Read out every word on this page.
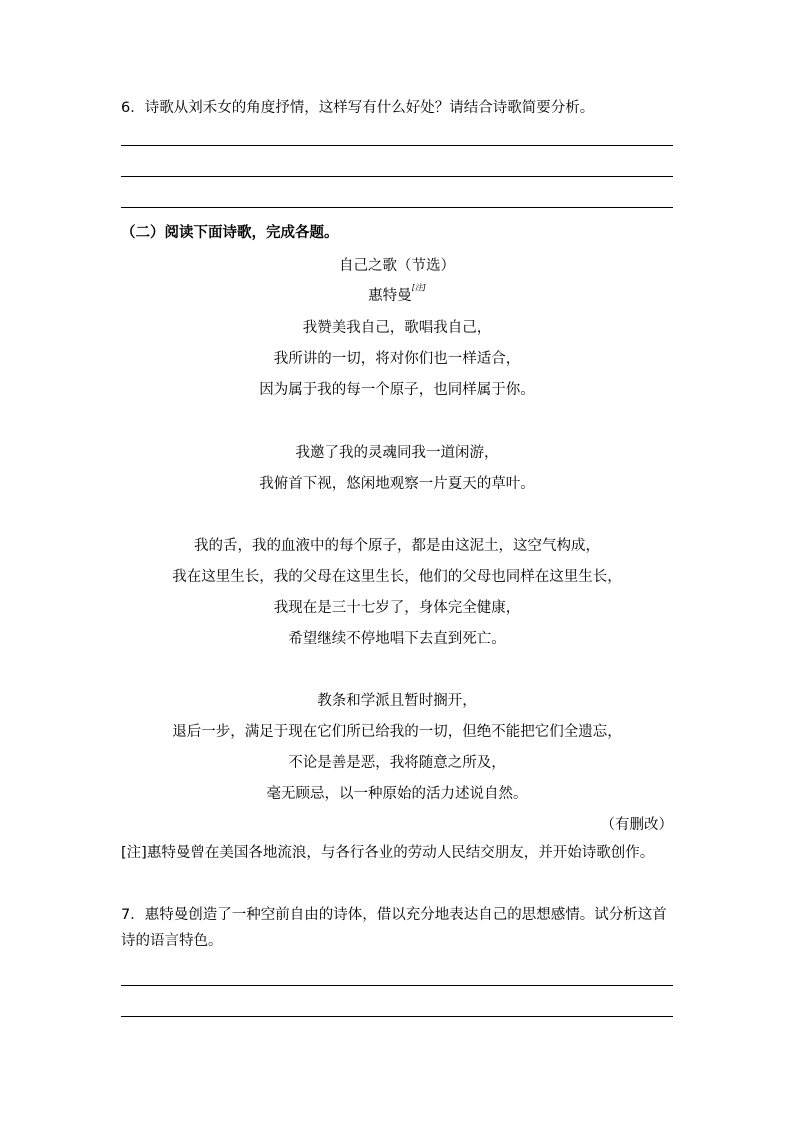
6．诗歌从刘禾女的角度抒情，这样写有什么好处？请结合诗歌简要分析。
（二）阅读下面诗歌，完成各题。
自己之歌（节选）
惠特曼[注]
我赞美我自己，歌唱我自己，
我所讲的一切，将对你们也一样适合，
因为属于我的每一个原子，也同样属于你。
我邀了我的灵魂同我一道闲游，
我俯首下视，悠闲地观察一片夏天的草叶。
我的舌，我的血液中的每个原子，都是由这泥土，这空气构成，
我在这里生长，我的父母在这里生长，他们的父母也同样在这里生长，
我现在是三十七岁了，身体完全健康，
希望继续不停地唱下去直到死亡。
教条和学派且暂时搁开，
退后一步，满足于现在它们所已给我的一切，但绝不能把它们全遗忘，
不论是善是恶，我将随意之所及，
毫无顾忌，以一种原始的活力述说自然。
（有删改）
[注]惠特曼曾在美国各地流浪，与各行各业的劳动人民结交朋友，并开始诗歌创作。
7．惠特曼创造了一种空前自由的诗体，借以充分地表达自己的思想感情。试分析这首诗的语言特色。
